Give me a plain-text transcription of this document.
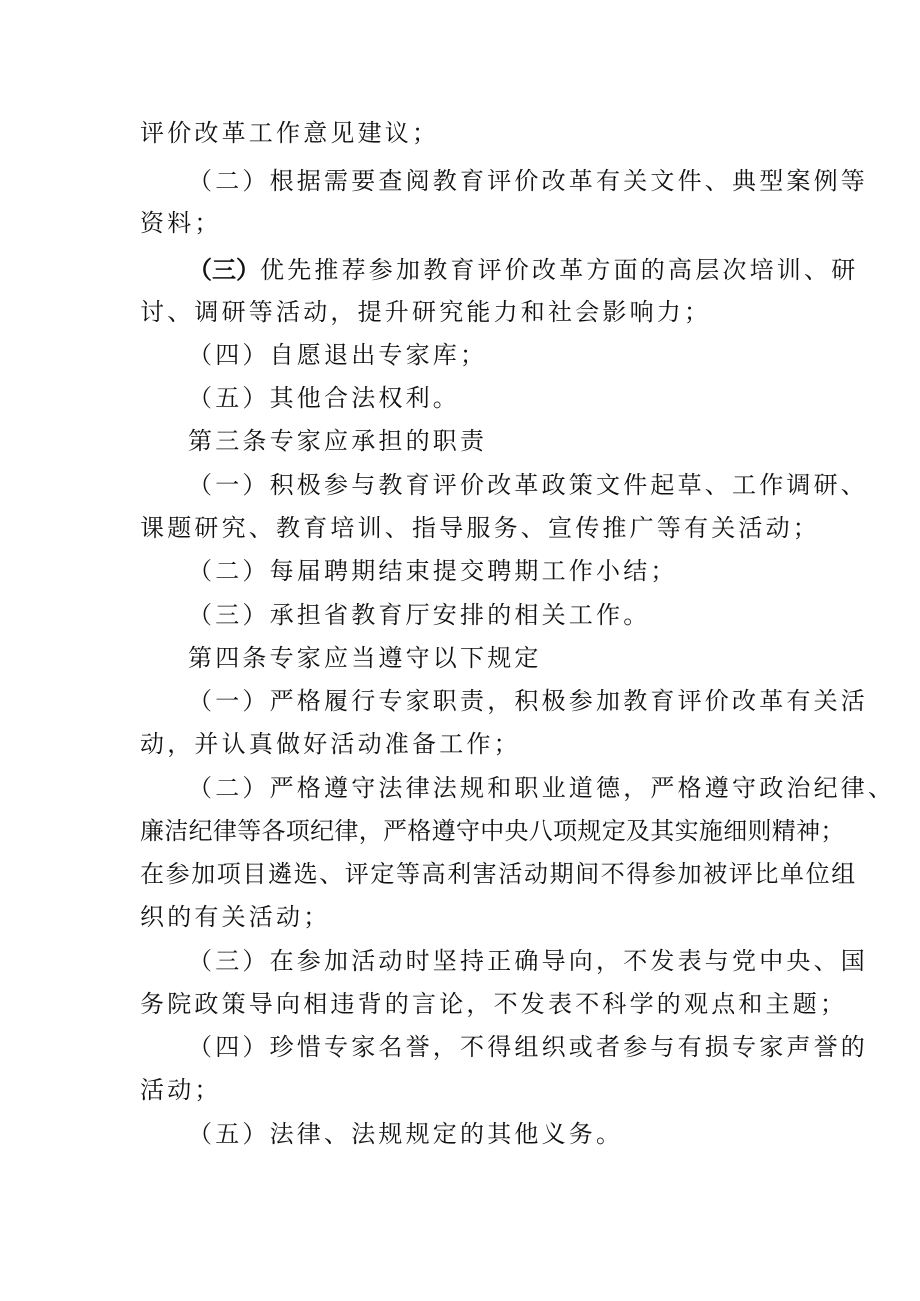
评价改革工作意见建议；
（二）根据需要查阅教育评价改革有关文件、典型案例等
资料；
（三）优先推荐参加教育评价改革方面的高层次培训、研
讨、调研等活动，提升研究能力和社会影响力；
（四）自愿退出专家库；
（五）其他合法权利。
第三条专家应承担的职责
（一）积极参与教育评价改革政策文件起草、工作调研、
课题研究、教育培训、指导服务、宣传推广等有关活动；
（二）每届聘期结束提交聘期工作小结；
（三）承担省教育厅安排的相关工作。
第四条专家应当遵守以下规定
（一）严格履行专家职责，积极参加教育评价改革有关活
动，并认真做好活动准备工作；
（二）严格遵守法律法规和职业道德，严格遵守政治纪律、
廉洁纪律等各项纪律，严格遵守中央八项规定及其实施细则精神；
在参加项目遴选、评定等高利害活动期间不得参加被评比单位组
织的有关活动；
（三）在参加活动时坚持正确导向，不发表与党中央、国
务院政策导向相违背的言论，不发表不科学的观点和主题；
（四）珍惜专家名誉，不得组织或者参与有损专家声誉的
活动；
（五）法律、法规规定的其他义务。
